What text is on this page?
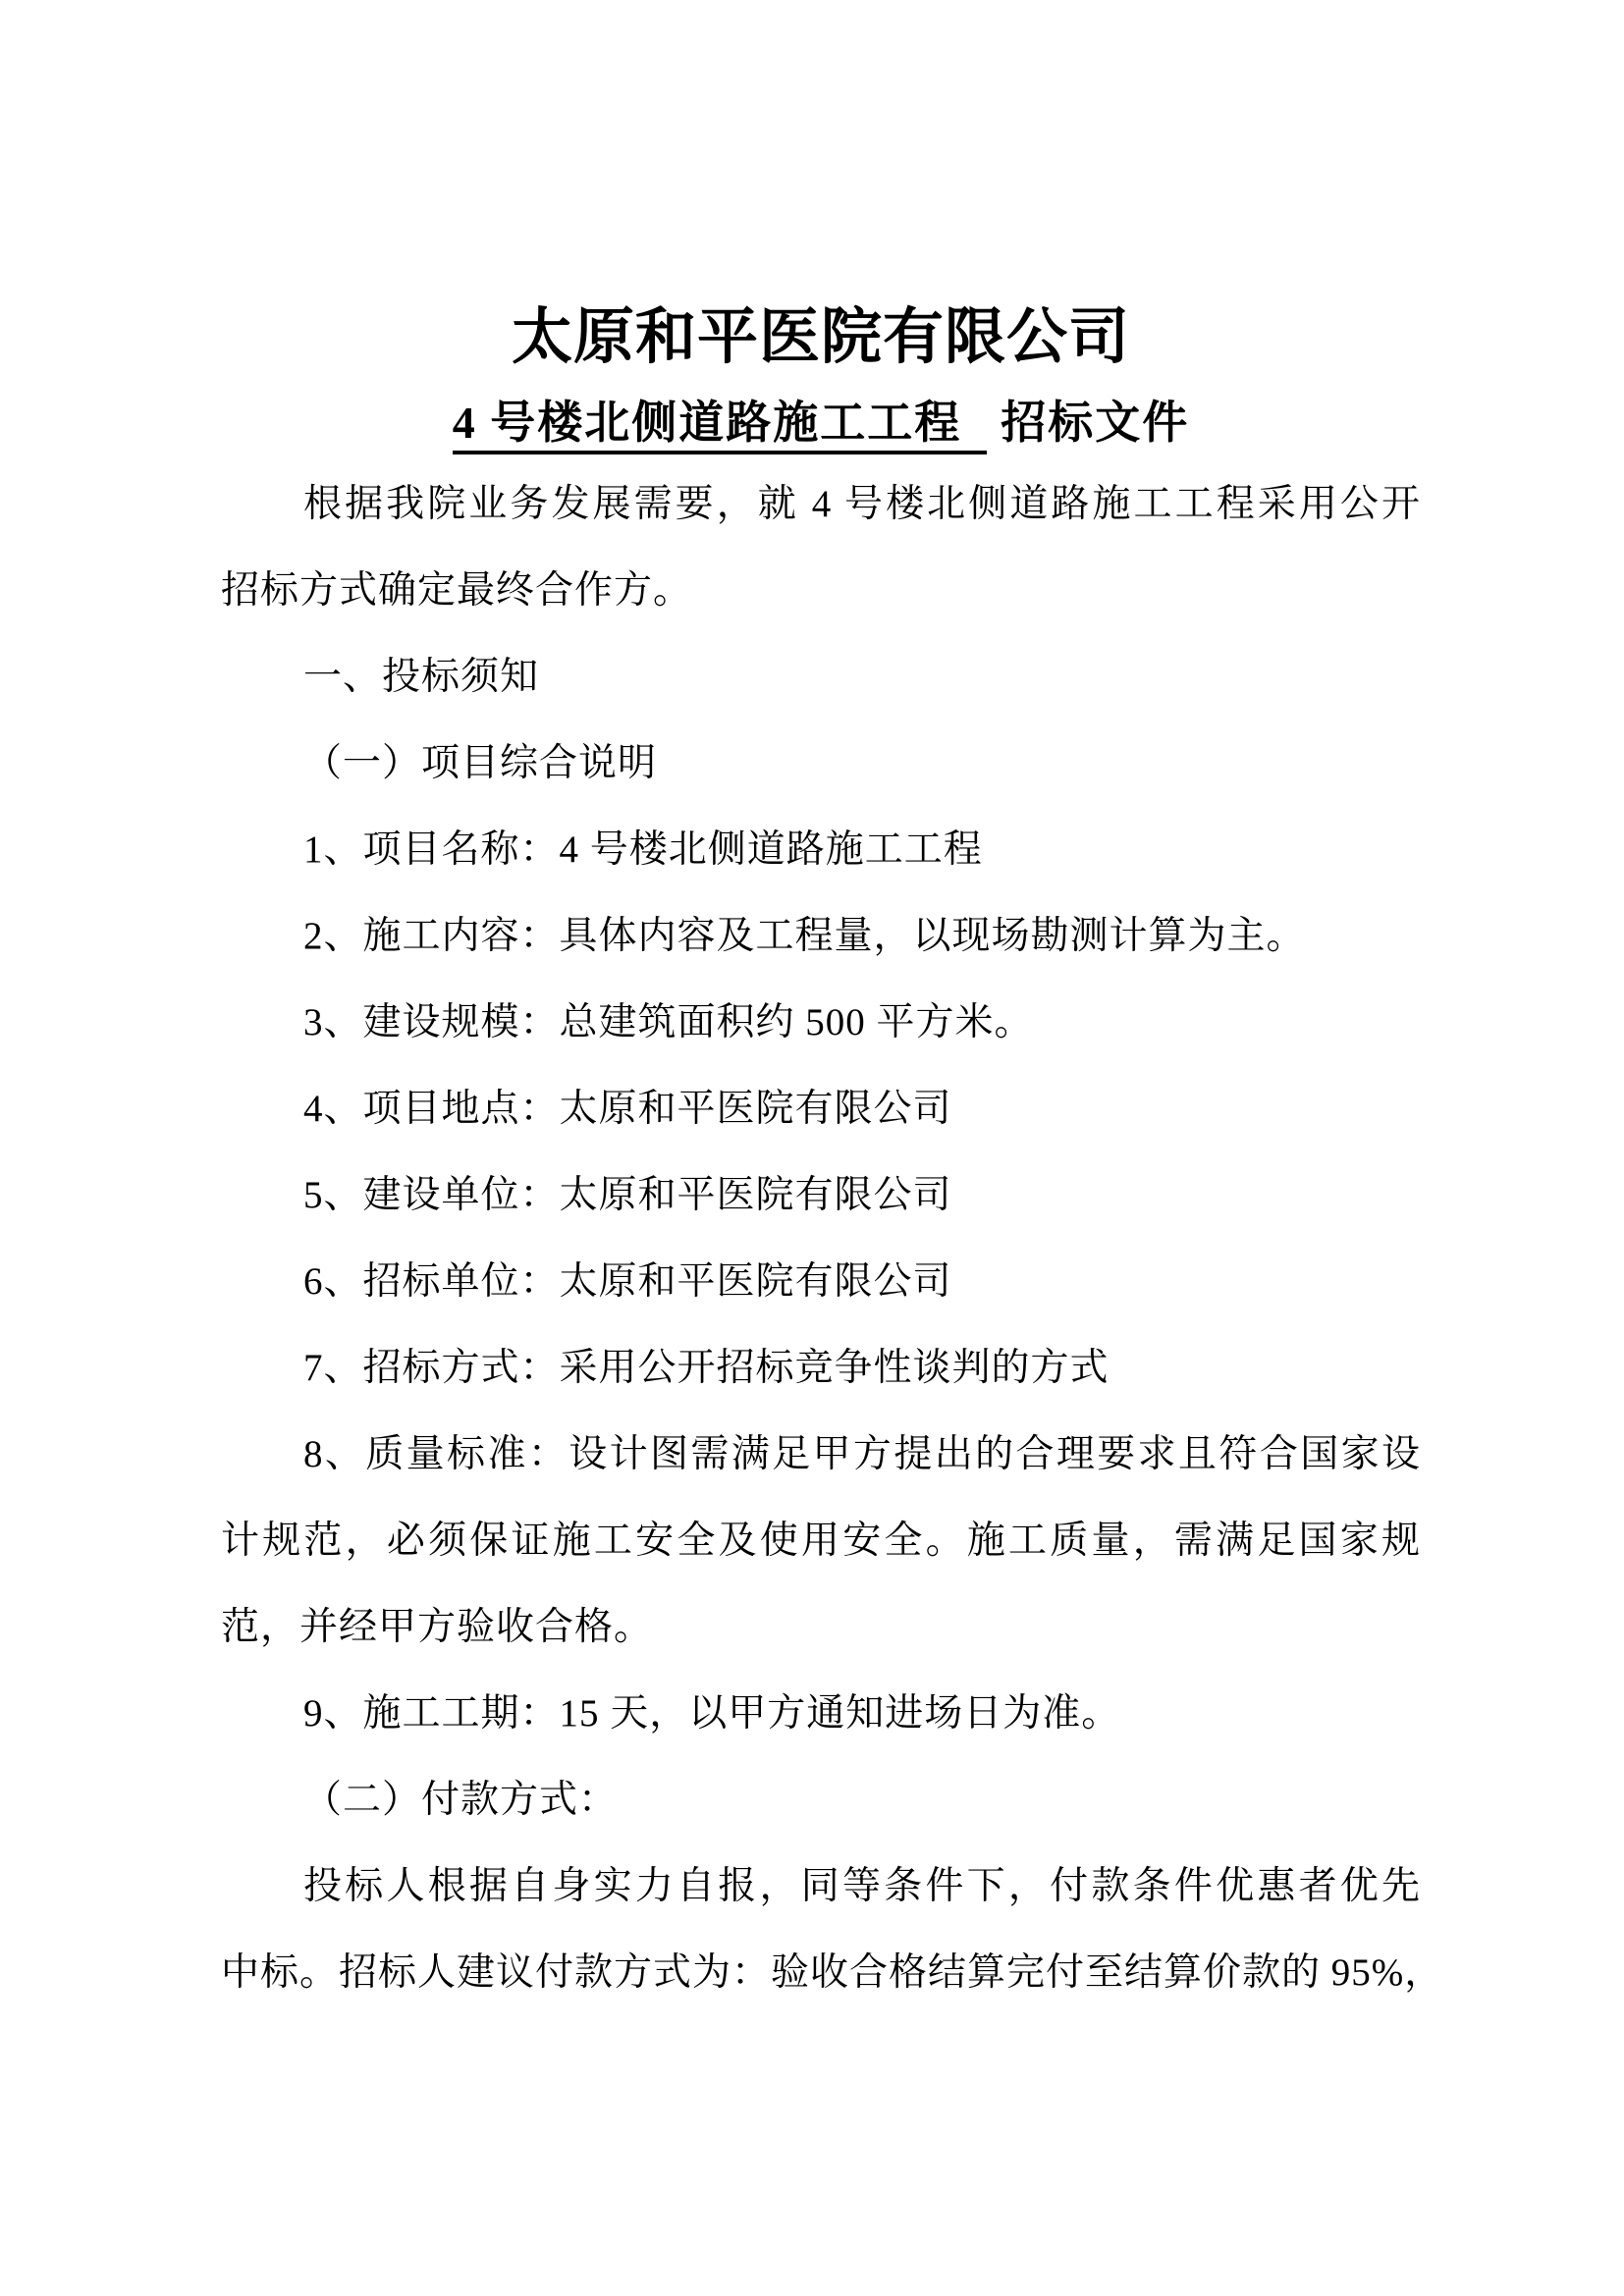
太原和平医院有限公司
4 号楼北侧道路施工工程 招标文件
根据我院业务发展需要，就 4 号楼北侧道路施工工程采用公开
招标方式确定最终合作方。
一、投标须知
（一）项目综合说明
1、项目名称：4 号楼北侧道路施工工程
2、施工内容：具体内容及工程量，以现场勘测计算为主。
3、建设规模：总建筑面积约 500 平方米。
4、项目地点：太原和平医院有限公司
5、建设单位：太原和平医院有限公司
6、招标单位：太原和平医院有限公司
7、招标方式：采用公开招标竞争性谈判的方式
8、质量标准：设计图需满足甲方提出的合理要求且符合国家设
计规范，必须保证施工安全及使用安全。施工质量，需满足国家规
范，并经甲方验收合格。
9、施工工期：15 天，以甲方通知进场日为准。
（二）付款方式：
投标人根据自身实力自报，同等条件下，付款条件优惠者优先
中标。招标人建议付款方式为：验收合格结算完付至结算价款的 95%，
